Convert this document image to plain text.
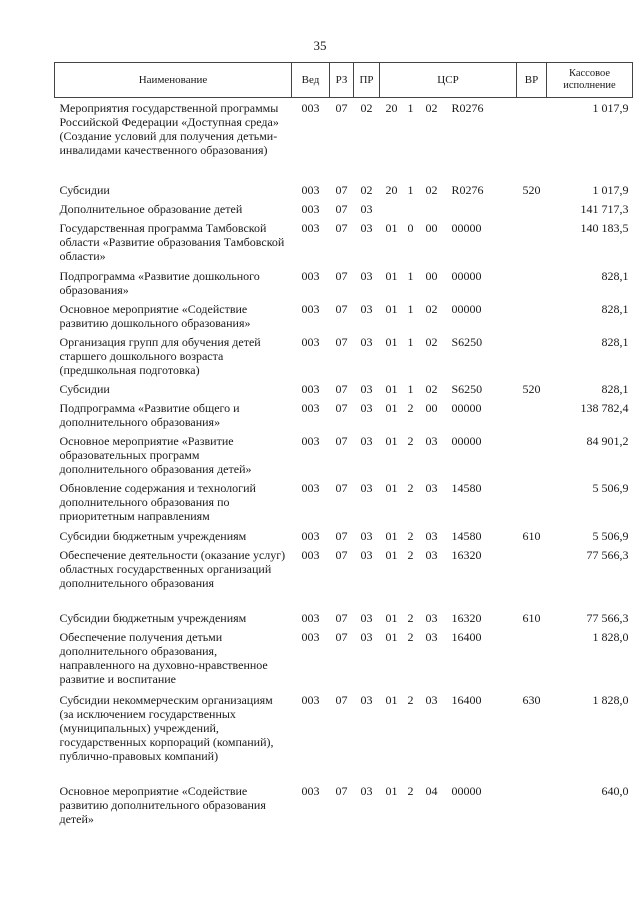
35
Наименование	Вед	РЗ	ПР	ЦСР	ВР	Кассовое исполнение
Мероприятия государственной программы Российской Федерации «Доступная среда» (Создание условий для получения детьми-инвалидами качественного образования)	003	07	02	20 1 02 R0276		1 017,9
Субсидии	003	07	02	20 1 02 R0276	520	1 017,9
Дополнительное образование детей	003	07	03			141 717,3
Государственная программа Тамбовской области «Развитие образования Тамбовской области»	003	07	03	01 0 00 00000		140 183,5
Подпрограмма «Развитие дошкольного образования»	003	07	03	01 1 00 00000		828,1
Основное мероприятие «Содействие развитию дошкольного образования»	003	07	03	01 1 02 00000		828,1
Организация групп для обучения детей старшего дошкольного возраста (предшкольная подготовка)	003	07	03	01 1 02 S6250		828,1
Субсидии	003	07	03	01 1 02 S6250	520	828,1
Подпрограмма «Развитие общего и дополнительного образования»	003	07	03	01 2 00 00000		138 782,4
Основное мероприятие «Развитие образовательных программ дополнительного образования детей»	003	07	03	01 2 03 00000		84 901,2
Обновление содержания и технологий дополнительного образования по приоритетным направлениям	003	07	03	01 2 03 14580		5 506,9
Субсидии бюджетным учреждениям	003	07	03	01 2 03 14580	610	5 506,9
Обеспечение деятельности (оказание услуг) областных государственных организаций дополнительного образования	003	07	03	01 2 03 16320		77 566,3
Субсидии бюджетным учреждениям	003	07	03	01 2 03 16320	610	77 566,3
Обеспечение получения детьми дополнительного образования, направленного на духовно-нравственное развитие и воспитание	003	07	03	01 2 03 16400		1 828,0
Субсидии некоммерческим организациям (за исключением государственных (муниципальных) учреждений, государственных корпораций (компаний), публично-правовых компаний)	003	07	03	01 2 03 16400	630	1 828,0
Основное мероприятие «Содействие развитию дополнительного образования детей»	003	07	03	01 2 04 00000		640,0
